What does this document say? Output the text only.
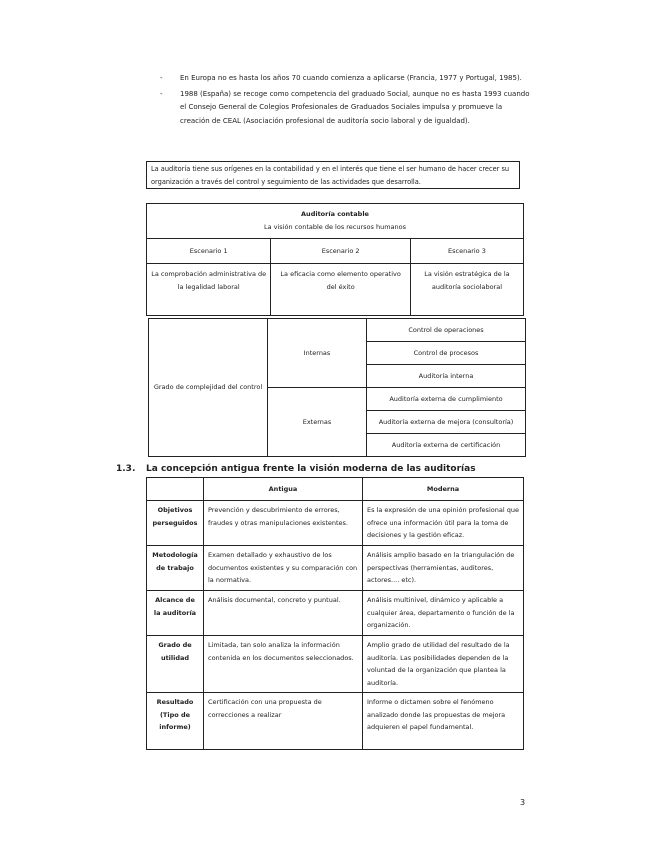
- En Europa no es hasta los años 70 cuando comienza a aplicarse (Francia, 1977 y Portugal, 1985).
- 1988 (España) se recoge como competencia del graduado Social, aunque no es hasta 1993 cuando el Consejo General de Colegios Profesionales de Graduados Sociales impulsa y promueve la creación de CEAL (Asociación profesional de auditoría socio laboral y de igualdad).
La auditoría tiene sus orígenes en la contabilidad y en el interés que tiene el ser humano de hacer crecer su organización a través del control y seguimiento de las actividades que desarrolla.
Auditoría contable
La visión contable de los recursos humanos		
Escenario 1	Escenario 2	Escenario 3
La comprobación administrativa de la legalidad laboral	La eficacia como elemento operativo del éxito	La visión estratégica de la auditoría sociolaboral
Grado de complejidad del control	Internas	Control de operaciones
		Control de procesos
		Auditoría interna
	Externas	Auditoría externa de cumplimiento
		Auditoría externa de mejora (consultoría)
		Auditoría externa de certificación
1.3. La concepción antigua frente la visión moderna de las auditorías
	Antigua	Moderna
Objetivos perseguidos	Prevención y descubrimiento de errores, fraudes y otras manipulaciones existentes.	Es la expresión de una opinión profesional que ofrece una información útil para la toma de decisiones y la gestión eficaz.
Metodología de trabajo	Examen detallado y exhaustivo de los documentos existentes y su comparación con la normativa.	Análisis amplio basado en la triangulación de perspectivas (herramientas, auditores, actores.... etc).
Alcance de la auditoría	Análisis documental, concreto y puntual.	Análisis multinivel, dinámico y aplicable a cualquier área, departamento o función de la organización.
Grado de utilidad	Limitada, tan solo analiza la información contenida en los documentos seleccionados.	Amplio grado de utilidad del resultado de la auditoría. Las posibilidades dependen de la voluntad de la organización que plantea la auditoría.
Resultado (Tipo de informe)	Certificación con una propuesta de correcciones a realizar	Informe o dictamen sobre el fenómeno analizado donde las propuestas de mejora adquieren el papel fundamental.
3
